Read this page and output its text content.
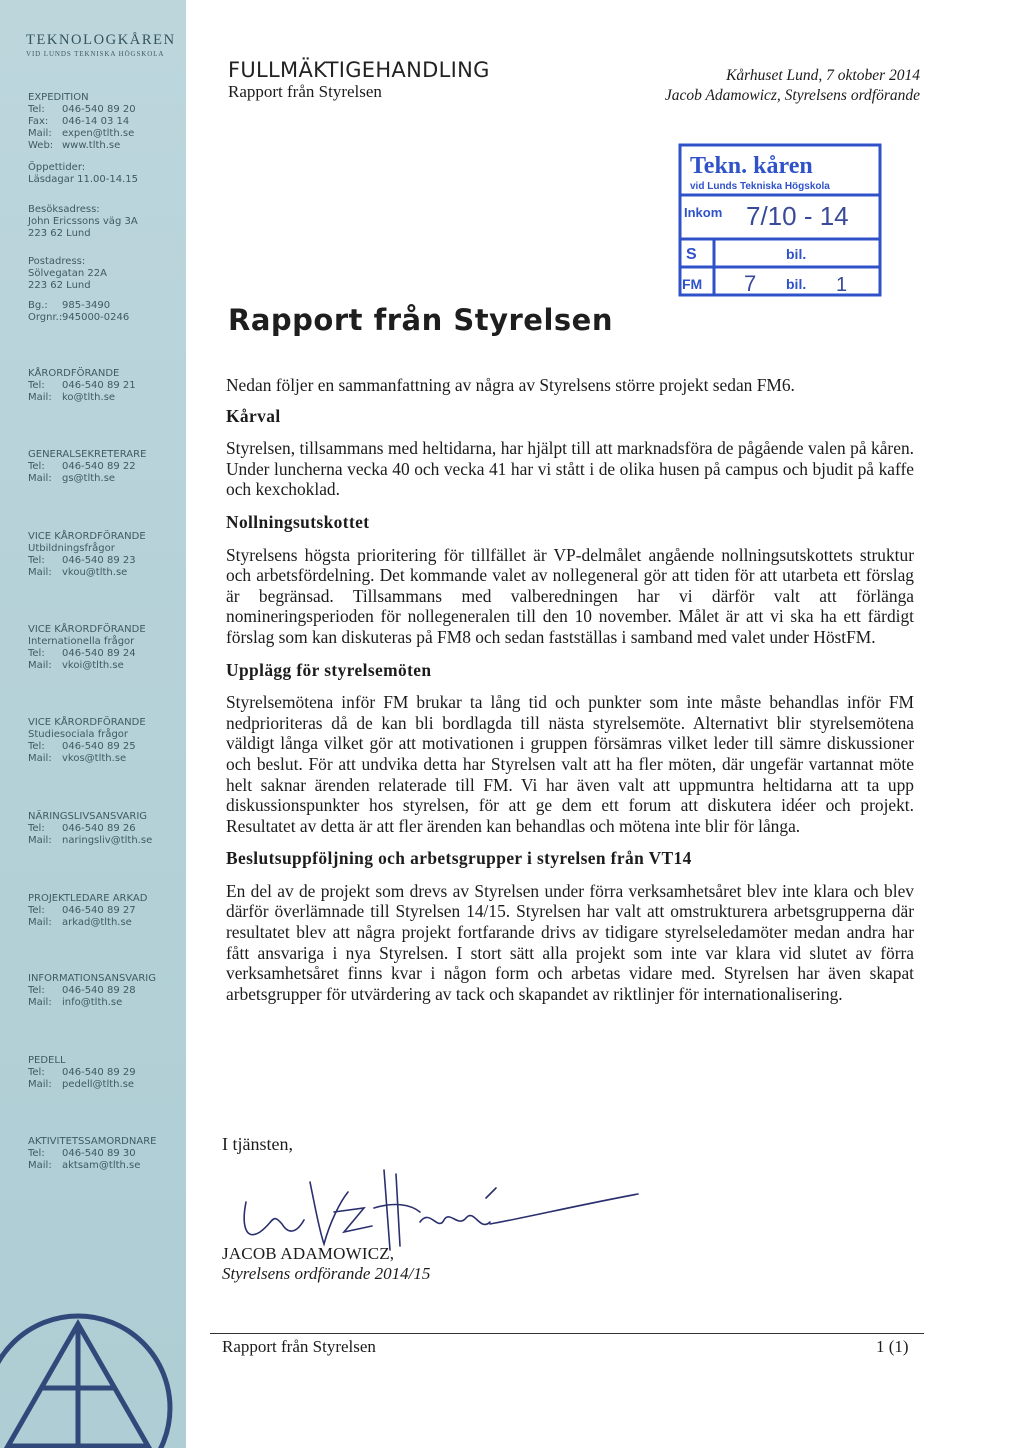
TEKNOLOGKÅREN
VID LUNDS TEKNISKA HÖGSKOLA
EXPEDITION
Tel:	046-540 89 20
Fax:	046-14 03 14
Mail:	expen@tlth.se
Web: www.tlth.se
Öppettider:
Läsdagar 11.00-14.15
Besöksadress:
John Ericssons väg 3A
223 62 Lund
Postadress:
Sölvegatan 22A
223 62 Lund
Bg.:	985-3490
Orgnr.: 945000-0246
KÅRORDFÖRANDE
Tel:	046-540 89 21
Mail:	ko@tlth.se
GENERALSEKRETERARE
Tel:	046-540 89 22
Mail:	gs@tlth.se
VICE KÅRORDFÖRANDE
Utbildningsfrågor
Tel:	046-540 89 23
Mail:	vkou@tlth.se
VICE KÅRORDFÖRANDE
Internationella frågor
Tel:	046-540 89 24
Mail:	vkoi@tlth.se
VICE KÅRORDFÖRANDE
Studiesociala frågor
Tel:	046-540 89 25
Mail:	vkos@tlth.se
NÄRINGSLIVSANSVARIG
Tel:	046-540 89 26
Mail:	naringsliv@tlth.se
PROJEKTLEDARE ARKAD
Tel:	046-540 89 27
Mail:	arkad@tlth.se
INFORMATIONSANSVARIG
Tel:	046-540 89 28
Mail:	info@tlth.se
PEDELL
Tel:	046-540 89 29
Mail:	pedell@tlth.se
AKTIVITETSSAMORDNARE
Tel:	046-540 89 30
Mail:	aktsam@tlth.se
FULLMÄKTIGEHANDLING
Rapport från Styrelsen
Kårhuset Lund, 7 oktober 2014
Jacob Adamowicz, Styrelsens ordförande
Tekn. kåren
vid Lunds Tekniska Högskola
Inkom 7/10 - 14
S	bil.
FM 7 bil. 1
Rapport från Styrelsen

Nedan följer en sammanfattning av några av Styrelsens större projekt sedan FM6.

Kårval

Styrelsen, tillsammans med heltidarna, har hjälpt till att marknadsföra de pågående valen på kåren. Under luncherna vecka 40 och vecka 41 har vi stått i de olika husen på campus och bjudit på kaffe och kexchoklad.

Nollningsutskottet

Styrelsens högsta prioritering för tillfället är VP-delmålet angående nollningsutskottets struktur och arbetsfördelning. Det kommande valet av nollegeneral gör att tiden för att utarbeta ett förslag är begränsad. Tillsammans med valberedningen har vi därför valt att förlänga nomineringsperioden för nollegeneralen till den 10 november. Målet är att vi ska ha ett färdigt förslag som kan diskuteras på FM8 och sedan fastställas i samband med valet under HöstFM.

Upplägg för styrelsemöten

Styrelsemötena inför FM brukar ta lång tid och punkter som inte måste behandlas inför FM nedprioriteras då de kan bli bordlagda till nästa styrelsemöte. Alternativt blir styrelsemötena väldigt långa vilket gör att motivationen i gruppen försämras vilket leder till sämre diskussioner och beslut. För att undvika detta har Styrelsen valt att ha fler möten, där ungefär vartannat möte helt saknar ärenden relaterade till FM. Vi har även valt att uppmuntra heltidarna att ta upp diskussionspunkter hos styrelsen, för att ge dem ett forum att diskutera idéer och projekt. Resultatet av detta är att fler ärenden kan behandlas och mötena inte blir för långa.

Beslutsuppföljning och arbetsgrupper i styrelsen från VT14

En del av de projekt som drevs av Styrelsen under förra verksamhetsåret blev inte klara och blev därför överlämnade till Styrelsen 14/15. Styrelsen har valt att omstrukturera arbetsgrupperna där resultatet blev att några projekt fortfarande drivs av tidigare styrelseledamöter medan andra har fått ansvariga i nya Styrelsen. I stort sätt alla projekt som inte var klara vid slutet av förra verksamhetsåret finns kvar i någon form och arbetas vidare med. Styrelsen har även skapat arbetsgrupper för utvärdering av tack och skapandet av riktlinjer för internationalisering.

I tjänsten,
JACOB ADAMOWICZ,
Styrelsens ordförande 2014/15
Rapport från Styrelsen	1 (1)
